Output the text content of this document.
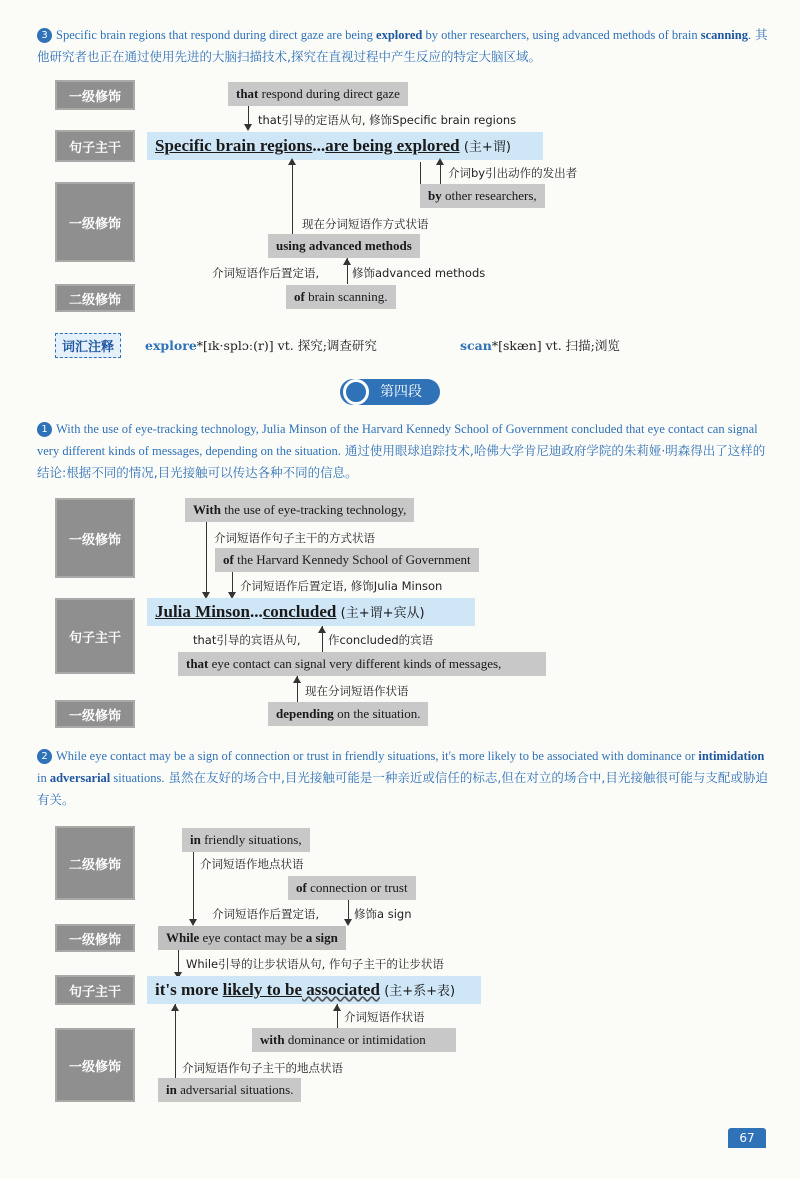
3 Specific brain regions that respond during direct gaze are being explored by other researchers, using advanced methods of brain scanning. 其他研究者也正在通过使用先进的大脑扫描技术,探究在直视过程中产生反应的特定大脑区域。
一级修饰
句子主干
一级修饰
二级修饰
that respond during direct gaze
that引导的定语从句, 修饰Specific brain regions
Specific brain regions...are being explored (主+谓)
介词by引出动作的发出者
by other researchers,
现在分词短语作方式状语
using advanced methods
介词短语作后置定语,	修饰advanced methods
of brain scanning.
词汇注释	explore*[ɪk·splɔː(r)] vt. 探究;调查研究	scan*[skæn] vt. 扫描;浏览
第四段
1 With the use of eye-tracking technology, Julia Minson of the Harvard Kennedy School of Government concluded that eye contact can signal very different kinds of messages, depending on the situation. 通过使用眼球追踪技术,哈佛大学肯尼迪政府学院的朱莉娅·明森得出了这样的结论:根据不同的情况,目光接触可以传达各种不同的信息。
一级修饰
句子主干
一级修饰
With the use of eye-tracking technology,
介词短语作句子主干的方式状语
of the Harvard Kennedy School of Government
介词短语作后置定语, 修饰Julia Minson
Julia Minson...concluded (主+谓+宾从)
that引导的宾语从句, 作concluded的宾语
that eye contact can signal very different kinds of messages,
现在分词短语作状语
depending on the situation.
2 While eye contact may be a sign of connection or trust in friendly situations, it's more likely to be associated with dominance or intimidation in adversarial situations. 虽然在友好的场合中,目光接触可能是一种亲近或信任的标志,但在对立的场合中,目光接触很可能与支配或胁迫有关。
二级修饰
一级修饰
句子主干
一级修饰
in friendly situations,
介词短语作地点状语
of connection or trust
介词短语作后置定语,	修饰a sign
While eye contact may be a sign
While引导的让步状语从句, 作句子主干的让步状语
it's more likely to be associated (主+系+表)
介词短语作状语
with dominance or intimidation
介词短语作句子主干的地点状语
in adversarial situations.
67
